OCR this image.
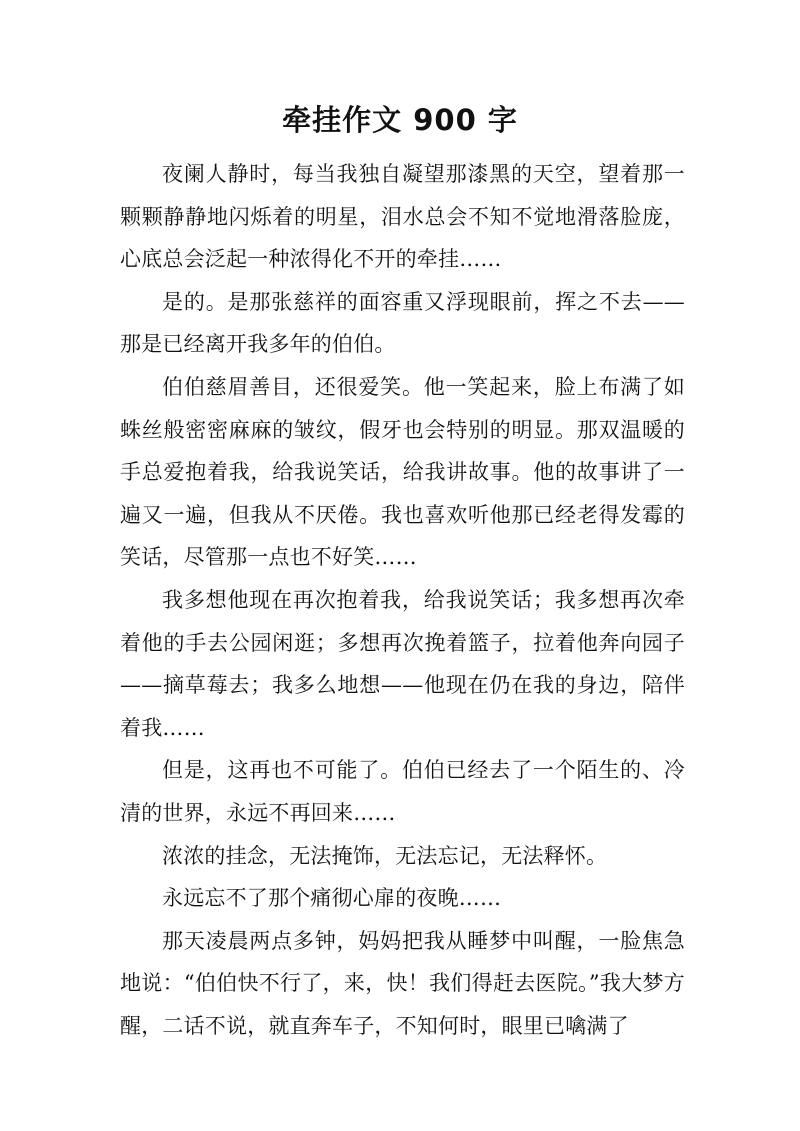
牵挂作文 900 字

夜阑人静时，每当我独自凝望那漆黑的天空，望着那一颗颗静静地闪烁着的明星，泪水总会不知不觉地滑落脸庞，心底总会泛起一种浓得化不开的牵挂……

是的。是那张慈祥的面容重又浮现眼前，挥之不去——那是已经离开我多年的伯伯。

伯伯慈眉善目，还很爱笑。他一笑起来，脸上布满了如蛛丝般密密麻麻的皱纹，假牙也会特别的明显。那双温暖的手总爱抱着我，给我说笑话，给我讲故事。他的故事讲了一遍又一遍，但我从不厌倦。我也喜欢听他那已经老得发霉的笑话，尽管那一点也不好笑……

我多想他现在再次抱着我，给我说笑话；我多想再次牵着他的手去公园闲逛；多想再次挽着篮子，拉着他奔向园子——摘草莓去；我多么地想——他现在仍在我的身边，陪伴着我……

但是，这再也不可能了。伯伯已经去了一个陌生的、冷清的世界，永远不再回来……

浓浓的挂念，无法掩饰，无法忘记，无法释怀。

永远忘不了那个痛彻心扉的夜晚……

那天凌晨两点多钟，妈妈把我从睡梦中叫醒，一脸焦急地说：“伯伯快不行了，来，快！我们得赶去医院。”我大梦方醒，二话不说，就直奔车子，不知何时，眼里已噙满了
